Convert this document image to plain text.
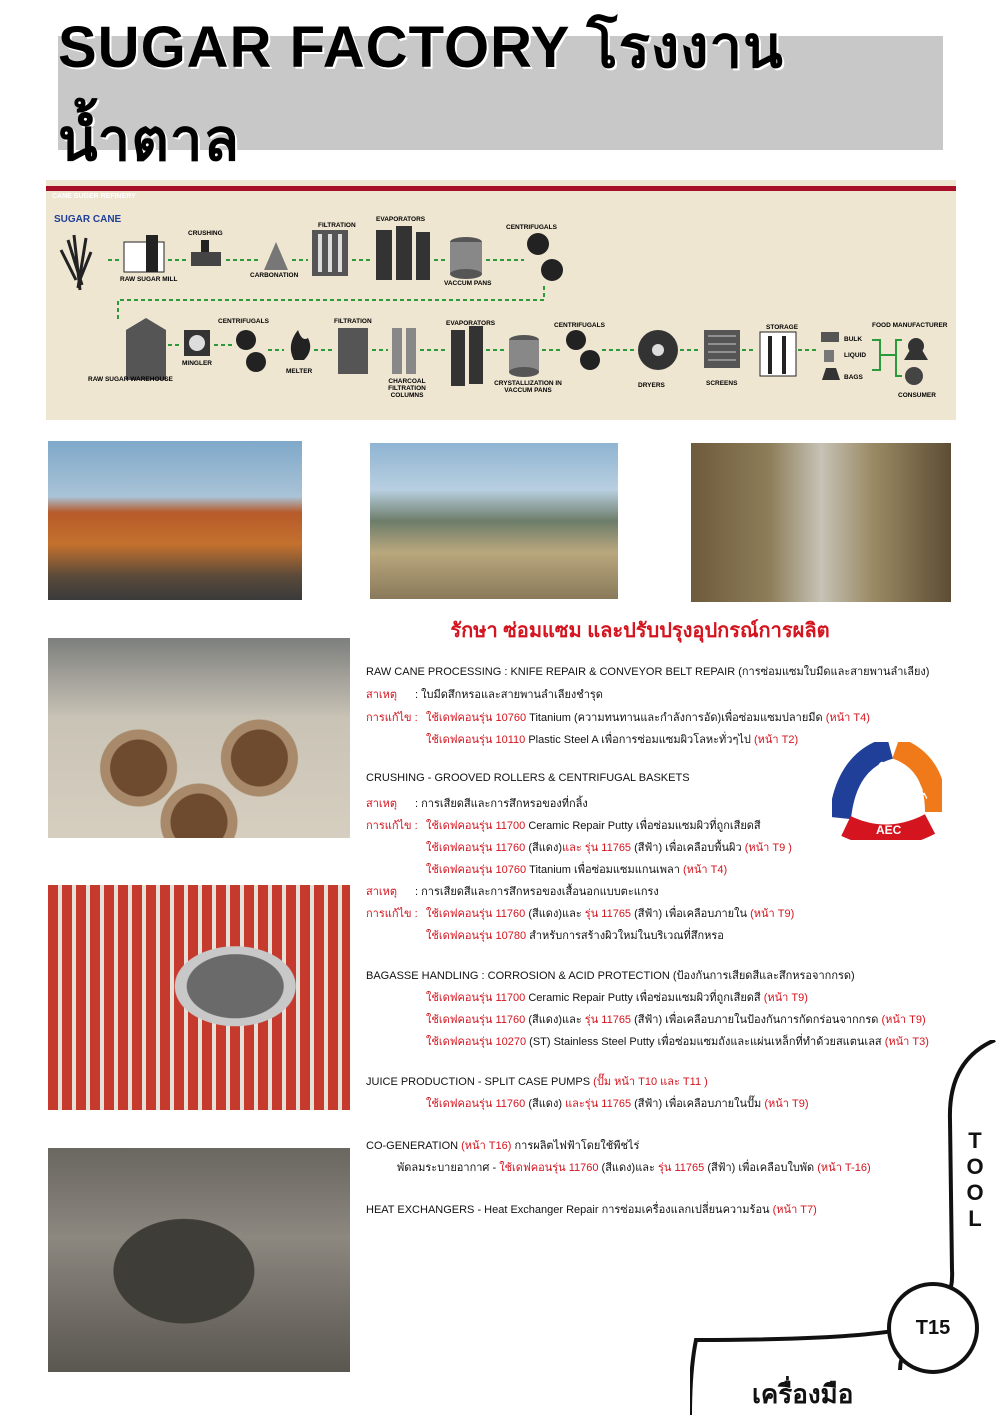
SUGAR FACTORY โรงงานน้ำตาล
CANE SUGER REFINERY
SUGAR CANE
RAW SUGAR MILL
CRUSHING
CARBONATION
FILTRATION
EVAPORATORS
VACCUM PANS
CENTRIFUGALS
RAW SUGAR WAREHOUSE
MINGLER
CENTRIFUGALS
MELTER
FILTRATION
CHARCOAL FILTRATION COLUMNS
EVAPORATORS
CRYSTALLIZATION IN VACCUM PANS
CENTRIFUGALS
DRYERS	SCREENS
STORAGE
BULK
LIQUID
BAGS
FOOD MANUFACTURER
CONSUMER
รักษา ซ่อมแซม และปรับปรุงอุปกรณ์การผลิต
PACIFIC FIRE
AEC
RAW CANE PROCESSING : KNIFE REPAIR & CONVEYOR BELT REPAIR (การซ่อมแซมใบมีดและสายพานลำเลียง)
สาเหตุ : ใบมีดสึกหรอและสายพานลำเลียงชำรุด
การแก้ไข : ใช้เดฟคอนรุ่น 10760 Titanium (ความทนทานและกำลังการอัด)เพื่อซ่อมแซมปลายมีด (หน้า T4)
ใช้เดฟคอนรุ่น 10110 Plastic Steel A เพื่อการซ่อมแซมผิวโลหะทั่วๆไป (หน้า T2)
CRUSHING - GROOVED ROLLERS & CENTRIFUGAL BASKETS
สาเหตุ : การเสียดสีและการสึกหรอของที่กลิ้ง
การแก้ไข : ใช้เดฟคอนรุ่น 11700 Ceramic Repair Putty เพื่อซ่อมแซมผิวที่ถูกเสียดสี
ใช้เดฟคอนรุ่น 11760 (สีแดง)และ รุ่น 11765 (สีฟ้า) เพื่อเคลือบพื้นผิว (หน้า T9 )
ใช้เดฟคอนรุ่น 10760 Titanium เพื่อซ่อมแซมแกนเพลา (หน้า T4)
สาเหตุ : การเสียดสีและการสึกหรอของเสื้อนอกแบบตะแกรง
การแก้ไข : ใช้เดฟคอนรุ่น 11760 (สีแดง)และ รุ่น 11765 (สีฟ้า) เพื่อเคลือบภายใน (หน้า T9)
ใช้เดฟคอนรุ่น 10780 สำหรับการสร้างผิวใหม่ในบริเวณที่สึกหรอ
BAGASSE HANDLING : CORROSION & ACID PROTECTION (ป้องกันการเสียดสีและสึกหรอจากกรด)
ใช้เดฟคอนรุ่น 11700 Ceramic Repair Putty เพื่อซ่อมแซมผิวที่ถูกเสียดสี (หน้า T9)
ใช้เดฟคอนรุ่น 11760 (สีแดง)และ รุ่น 11765 (สีฟ้า) เพื่อเคลือบภายในป้องกันการกัดกร่อนจากกรด (หน้า T9)
ใช้เดฟคอนรุ่น 10270 (ST) Stainless Steel Putty เพื่อซ่อมแซมถังและแผ่นเหล็กที่ทำด้วยสแตนเลส (หน้า T3)
JUICE PRODUCTION - SPLIT CASE PUMPS (ปั๊ม หน้า T10 และ T11 )
ใช้เดฟคอนรุ่น 11760 (สีแดง) และรุ่น 11765 (สีฟ้า) เพื่อเคลือบภายในปั๊ม (หน้า T9)
CO-GENERATION (หน้า T16) การผลิตไฟฟ้าโดยใช้พืชไร่
พัดลมระบายอากาศ - ใช้เดฟคอนรุ่น 11760 (สีแดง)และ รุ่น 11765 (สีฟ้า) เพื่อเคลือบใบพัด (หน้า T-16)
HEAT EXCHANGERS - Heat Exchanger Repair การซ่อมเครื่องแลกเปลี่ยนความร้อน (หน้า T7)
T
O
O
L
T15
เครื่องมือ
